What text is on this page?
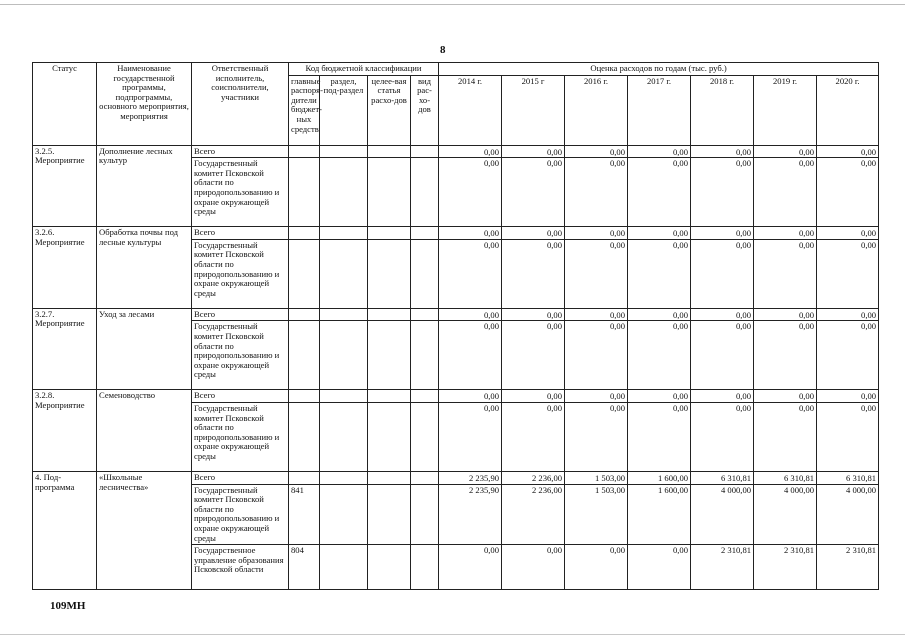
8
Статус	Наименование государственной программы, подпрограммы, основного мероприятия, мероприятия	Ответственный исполнитель, соисполнители, участники	Код бюджетной классификации				Оценка расходов по годам (тыс. руб.)						
			главные распоря-дители бюджет-ных средств	раздел, под-раздел	целее-вая статья расхо-дов	вид рас-хо-дов	2014 г.	2015 г	2016 г.	2017 г.	2018 г.	2019 г.	2020 г.
3.2.5. Мероприятие	Дополнение лесных культур	Всего					0,00	0,00	0,00	0,00	0,00	0,00	0,00
		Государственный комитет Псковской области по природопользованию и охране окружающей среды					0,00	0,00	0,00	0,00	0,00	0,00	0,00
3.2.6. Мероприятие	Обработка почвы под лесные культуры	Всего					0,00	0,00	0,00	0,00	0,00	0,00	0,00
		Государственный комитет Псковской области по природопользованию и охране окружающей среды					0,00	0,00	0,00	0,00	0,00	0,00	0,00
3.2.7. Мероприятие	Уход за лесами	Всего					0,00	0,00	0,00	0,00	0,00	0,00	0,00
		Государственный комитет Псковской области по природопользованию и охране окружающей среды					0,00	0,00	0,00	0,00	0,00	0,00	0,00
3.2.8. Мероприятие	Семеноводство	Всего					0,00	0,00	0,00	0,00	0,00	0,00	0,00
		Государственный комитет Псковской области по природопользованию и охране окружающей среды					0,00	0,00	0,00	0,00	0,00	0,00	0,00
4. Под-программа	«Школьные лесничества»	Всего					2 235,90	2 236,00	1 503,00	1 600,00	6 310,81	6 310,81	6 310,81
		Государственный комитет Псковской области по природопользованию и охране окружающей среды	841				2 235,90	2 236,00	1 503,00	1 600,00	4 000,00	4 000,00	4 000,00
		Государственное управление образования Псковской области	804				0,00	0,00	0,00	0,00	2 310,81	2 310,81	2 310,81
109МН
